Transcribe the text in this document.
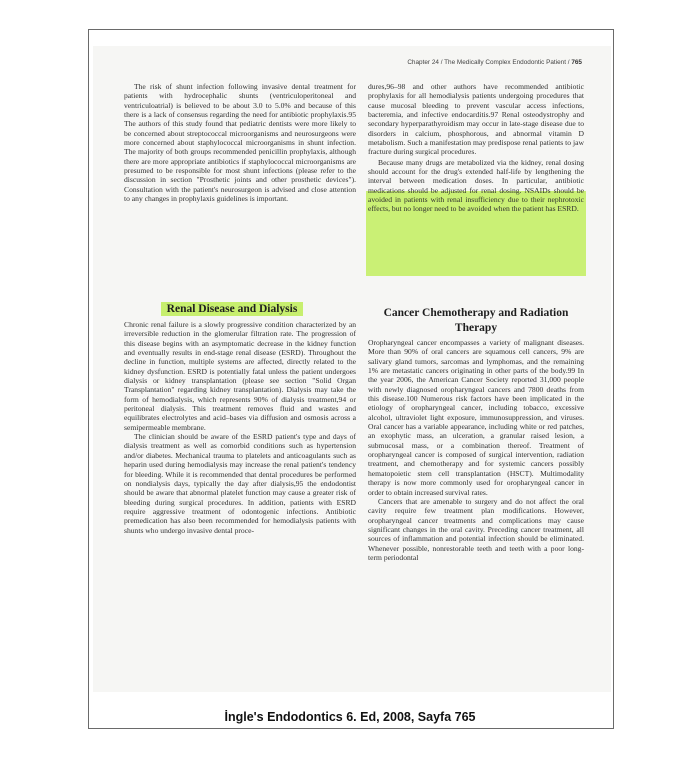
Chapter 24 / The Medically Complex Endodontic Patient / 765

The risk of shunt infection following invasive dental treatment for patients with hydrocephalic shunts (ventriculoperitoneal and ventriculoatrial) is believed to be about 3.0 to 5.0% and because of this there is a lack of consensus regarding the need for antibiotic prophylaxis.95 The authors of this study found that pediatric dentists were more likely to be concerned about streptococcal microorganisms and neurosurgeons were more concerned about staphylococcal microorganisms in shunt infection. The majority of both groups recommended penicillin prophylaxis, although there are more appropriate antibiotics if staphylococcal microorganisms are presumed to be responsible for most shunt infections (please refer to the discussion in section "Prosthetic joints and other prosthetic devices"). Consultation with the patient's neurosurgeon is advised and close attention to any changes in prophylaxis guidelines is important.

Renal Disease and Dialysis

Chronic renal failure is a slowly progressive condition characterized by an irreversible reduction in the glomerular filtration rate. The progression of this disease begins with an asymptomatic decrease in the kidney function and eventually results in end-stage renal disease (ESRD). Throughout the decline in function, multiple systems are affected, directly related to the kidney dysfunction. ESRD is potentially fatal unless the patient undergoes dialysis or kidney transplantation (please see section "Solid Organ Transplantation" regarding kidney transplantation). Dialysis may take the form of hemodialysis, which represents 90% of dialysis treatment,94 or peritoneal dialysis. This treatment removes fluid and wastes and equilibrates electrolytes and acid–bases via diffusion and osmosis across a semipermeable membrane.

The clinician should be aware of the ESRD patient's type and days of dialysis treatment as well as comorbid conditions such as hypertension and/or diabetes. Mechanical trauma to platelets and anticoagulants such as heparin used during hemodialysis may increase the renal patient's tendency for bleeding. While it is recommended that dental procedures be performed on nondialysis days, typically the day after dialysis,95 the endodontist should be aware that abnormal platelet function may cause a greater risk of bleeding during surgical procedures. In addition, patients with ESRD require aggressive treatment of odontogenic infections. Antibiotic premedication has also been recommended for hemodialysis patients with shunts who undergo invasive dental proce-

dures,96–98 and other authors have recommended antibiotic prophylaxis for all hemodialysis patients undergoing procedures that cause mucosal bleeding to prevent vascular access infections, bacteremia, and infective endocarditis.97 Renal osteodystrophy and secondary hyperparathyroidism may occur in late-stage disease due to disorders in calcium, phosphorous, and abnormal vitamin D metabolism. Such a manifestation may predispose renal patients to jaw fracture during surgical procedures.

Because many drugs are metabolized via the kidney, renal dosing should account for the drug's extended half-life by lengthening the interval between medication doses. In particular, antibiotic medications should be adjusted for renal dosing. NSAIDs should be avoided in patients with renal insufficiency due to their nephrotoxic effects, but no longer need to be avoided when the patient has ESRD.

Cancer Chemotherapy and Radiation Therapy

Oropharyngeal cancer encompasses a variety of malignant diseases. More than 90% of oral cancers are squamous cell cancers, 9% are salivary gland tumors, sarcomas and lymphomas, and the remaining 1% are metastatic cancers originating in other parts of the body.99 In the year 2006, the American Cancer Society reported 31,000 people with newly diagnosed oropharyngeal cancers and 7800 deaths from this disease.100 Numerous risk factors have been implicated in the etiology of oropharyngeal cancer, including tobacco, excessive alcohol, ultraviolet light exposure, immunosuppression, and viruses. Oral cancer has a variable appearance, including white or red patches, an exophytic mass, an ulceration, a granular raised lesion, a submucosal mass, or a combination thereof. Treatment of oropharyngeal cancer is composed of surgical intervention, radiation treatment, and chemotherapy and for systemic cancers possibly hematopoietic stem cell transplantation (HSCT). Multimodality therapy is now more commonly used for oropharyngeal cancer in order to obtain increased survival rates.

Cancers that are amenable to surgery and do not affect the oral cavity require few treatment plan modifications. However, oropharyngeal cancer treatments and complications may cause significant changes in the oral cavity. Preceding cancer treatment, all sources of inflammation and potential infection should be eliminated. Whenever possible, nonrestorable teeth and teeth with a poor long-term periodontal

İngle's Endodontics 6. Ed, 2008, Sayfa 765
